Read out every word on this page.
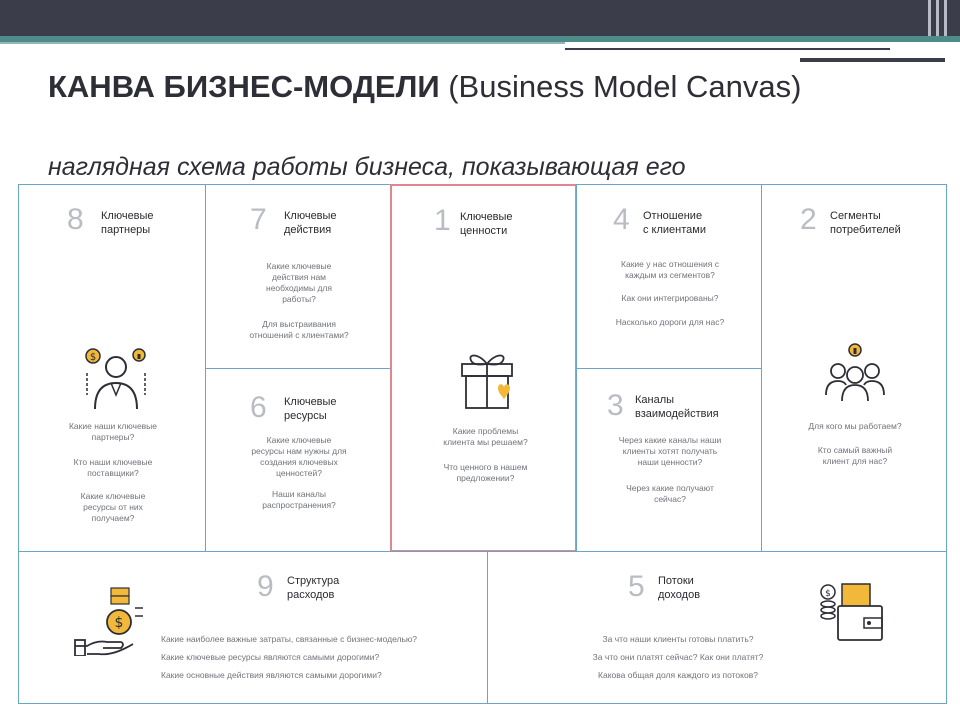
КАНВА БИЗНЕС-МОДЕЛИ (Business Model Canvas)
наглядная схема работы бизнеса, показывающая его
8 Ключевые
партнеры
$
Какие наши ключевые
партнеры?
Кто наши ключевые
поставщики?
Какие ключевые
ресурсы от них
получаем?
7 Ключевые
действия
Какие ключевые
действия нам
необходимы для
работы?
Для выстраивания
отношений с клиентами?
6 Ключевые
ресурсы
Какие ключевые
ресурсы нам нужны для
создания ключевых
ценностей?
Наши каналы
распространения?
1 Ключевые
ценности
Какие проблемы
клиента мы решаем?
Что ценного в нашем
предложении?
4 Отношение
с клиентами
Какие у нас отношения с
каждым из сегментов?
Как они интегрированы?
Насколько дороги для нас?
3 Каналы
взаимодействия
Через какие каналы наши
клиенты хотят получать
наши ценности?
Через какие получают
сейчас?
2 Сегменты
потребителей
Для кого мы работаем?
Кто самый важный
клиент для нас?
9 Структура
расходов
$
Какие наиболее важные затраты, связанные с бизнес-моделью?
Какие ключевые ресурсы являются самыми дорогими?
Какие основные действия являются самыми дорогими?
5 Потоки
доходов
За что наши клиенты готовы платить?
За что они платят сейчас? Как они платят?
Какова общая доля каждого из потоков?
$
